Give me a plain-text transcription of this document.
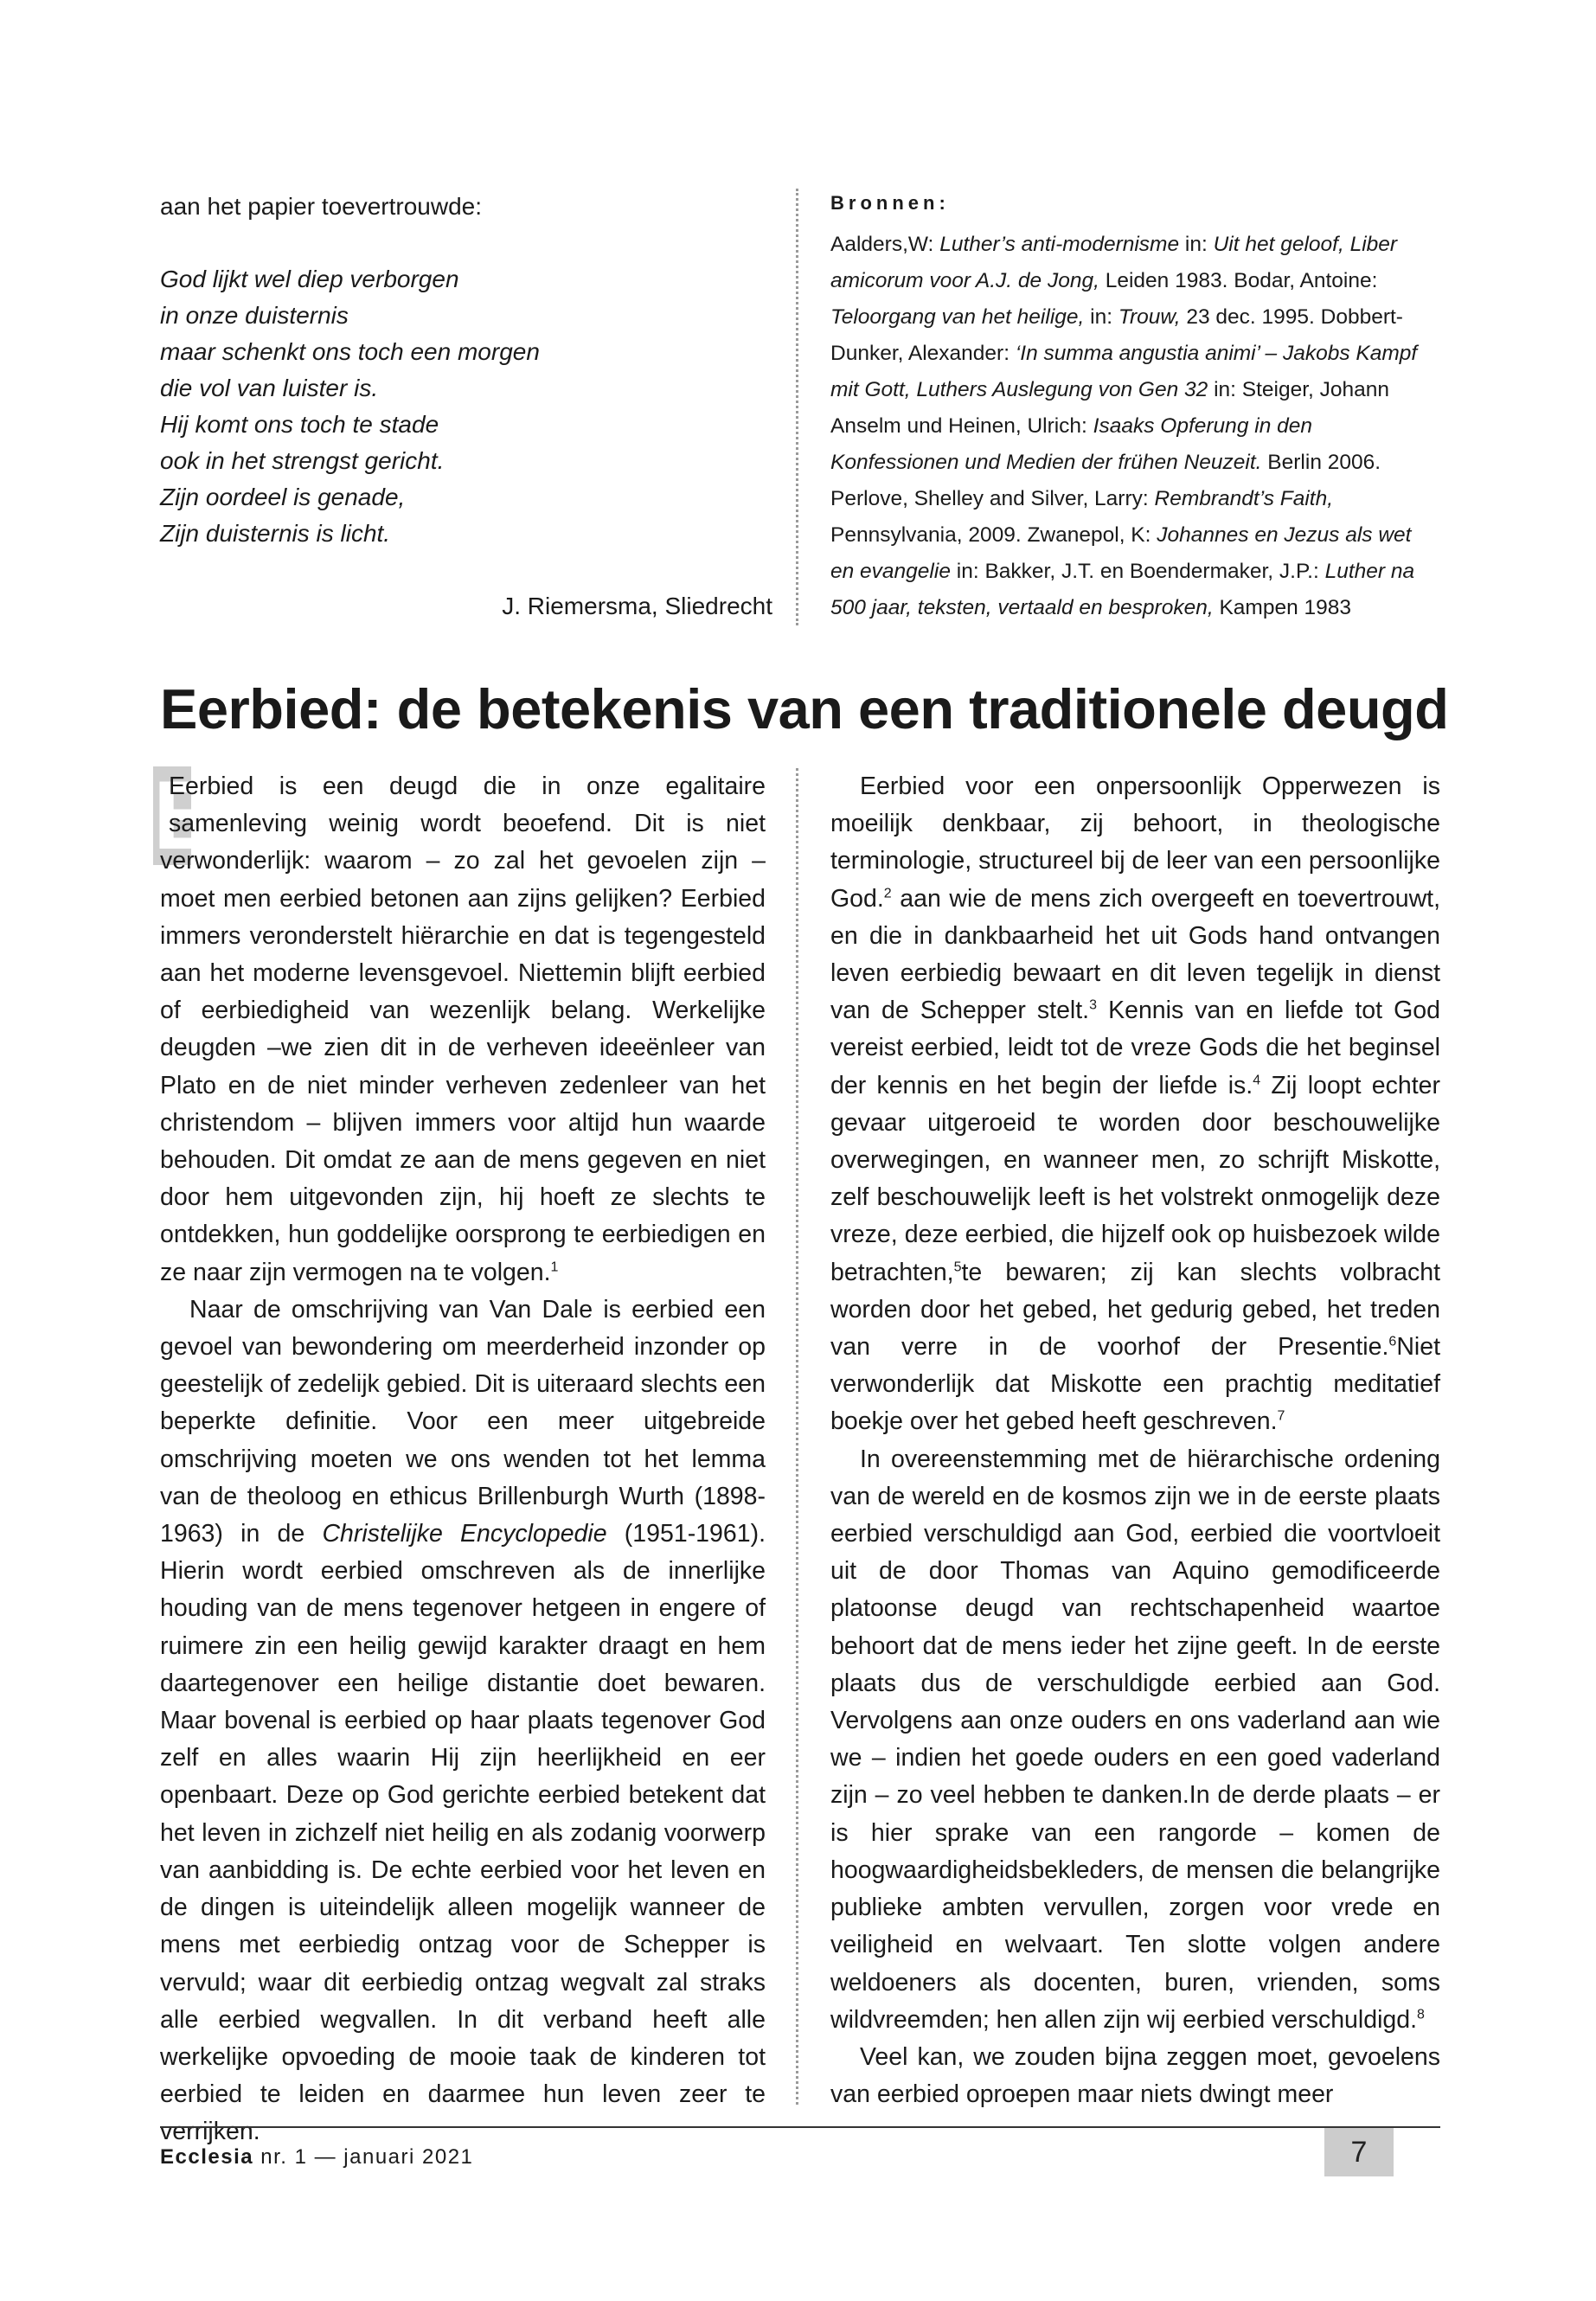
aan het papier toevertrouwde:
God lijkt wel diep verborgen
in onze duisternis
maar schenkt ons toch een morgen
die vol van luister is.
Hij komt ons toch te stade
ook in het strengst gericht.
Zijn oordeel is genade,
Zijn duisternis is licht.
J. Riemersma, Sliedrecht
Bronnen:
Aalders,W: Luther’s anti-modernisme in: Uit het geloof, Liber amicorum voor A.J. de Jong, Leiden 1983. Bodar, Antoine: Teloorgang van het heilige, in: Trouw, 23 dec. 1995. Dobbert-Dunker, Alexander: ‘In summa angustia animi’ – Jakobs Kampf mit Gott, Luthers Auslegung von Gen 32 in: Steiger, Johann Anselm und Heinen, Ulrich: Isaaks Opferung in den Konfessionen und Medien der frühen Neuzeit. Berlin 2006. Perlove, Shelley and Silver, Larry: Rembrandt’s Faith, Pennsylvania, 2009. Zwanepol, K: Johannes en Jezus als wet en evangelie in: Bakker, J.T. en Boendermaker, J.P.: Luther na 500 jaar, teksten, vertaald en besproken, Kampen 1983
Eerbied: de betekenis van een traditionele deugd
E

Eerbied is een deugd die in onze egalitaire samenleving weinig wordt beoefend. Dit is niet verwonderlijk: waarom – zo zal het gevoelen zijn – moet men eerbied betonen aan zijns gelijken? Eerbied immers veronderstelt hiërarchie en dat is tegengesteld aan het moderne levensgevoel. Niettemin blijft eerbied of eerbiedigheid van wezenlijk belang. Werkelijke deugden –we zien dit in de verheven ideeënleer van Plato en de niet minder verheven zedenleer van het christendom – blijven immers voor altijd hun waarde behouden. Dit omdat ze aan de mens gegeven en niet door hem uitgevonden zijn, hij hoeft ze slechts te ontdekken, hun goddelijke oorsprong te eerbiedigen en ze naar zijn vermogen na te volgen.$^1$

Naar de omschrijving van Van Dale is eerbied een gevoel van bewondering om meerderheid inzonder op geestelijk of zedelijk gebied. Dit is uiteraard slechts een beperkte definitie. Voor een meer uitgebreide omschrijving moeten we ons wenden tot het lemma van de theoloog en ethicus Brillenburgh Wurth (1898-1963) in de Christelijke Encyclopedie (1951-1961). Hierin wordt eerbied omschreven als de innerlijke houding van de mens tegenover hetgeen in engere of ruimere zin een heilig gewijd karakter draagt en hem daartegenover een heilige distantie doet bewaren. Maar bovenal is eerbied op haar plaats tegenover God zelf en alles waarin Hij zijn heerlijkheid en eer openbaart. Deze op God gerichte eerbied betekent dat het leven in zichzelf niet heilig en als zodanig voorwerp van aanbidding is. De echte eerbied voor het leven en de dingen is uiteindelijk alleen mogelijk wanneer de mens met eerbiedig ontzag voor de Schepper is vervuld; waar dit eerbiedig ontzag wegvalt zal straks alle eerbied wegvallen. In dit verband heeft alle werkelijke opvoeding de mooie taak de kinderen tot eerbied te leiden en daarmee hun leven zeer te verrijken.

Eerbied voor een onpersoonlijk Opperwezen is moeilijk denkbaar, zij behoort, in theologische terminologie, structureel bij de leer van een persoonlijke God.$^2$ aan wie de mens zich overgeeft en toevertrouwt, en die in dankbaarheid het uit Gods hand ontvangen leven eerbiedig bewaart en dit leven tegelijk in dienst van de Schepper stelt.$^3$ Kennis van en liefde tot God vereist eerbied, leidt tot de vreze Gods die het beginsel der kennis en het begin der liefde is.$^4$ Zij loopt echter gevaar uitgeroeid te worden door beschouwelijke overwegingen, en wanneer men, zo schrijft Miskotte, zelf beschouwelijk leeft is het volstrekt onmogelijk deze vreze, deze eerbied, die hijzelf ook op huisbezoek wilde betrachten,$^5$te bewaren; zij kan slechts volbracht worden door het gebed, het gedurig gebed, het treden van verre in de voorhof der Presentie.$^6$Niet verwonderlijk dat Miskotte een prachtig meditatief boekje over het gebed heeft geschreven.$^7$

In overeenstemming met de hiërarchische ordening van de wereld en de kosmos zijn we in de eerste plaats eerbied verschuldigd aan God, eerbied die voortvloeit uit de door Thomas van Aquino gemodificeerde platoonse deugd van rechtschapenheid waartoe behoort dat de mens ieder het zijne geeft. In de eerste plaats dus de verschuldigde eerbied aan God. Vervolgens aan onze ouders en ons vaderland aan wie we – indien het goede ouders en een goed vaderland zijn – zo veel hebben te danken.In de derde plaats – er is hier sprake van een rangorde – komen de hoogwaardigheidsbekleders, de mensen die belangrijke publieke ambten vervullen, zorgen voor vrede en veiligheid en welvaart. Ten slotte volgen andere weldoeners als docenten, buren, vrienden, soms wildvreemden; hen allen zijn wij eerbied verschuldigd.$^8$

Veel kan, we zouden bijna zeggen moet, gevoelens van eerbied oproepen maar niets dwingt meer

Ecclesia nr. 1 — januari 2021	7
